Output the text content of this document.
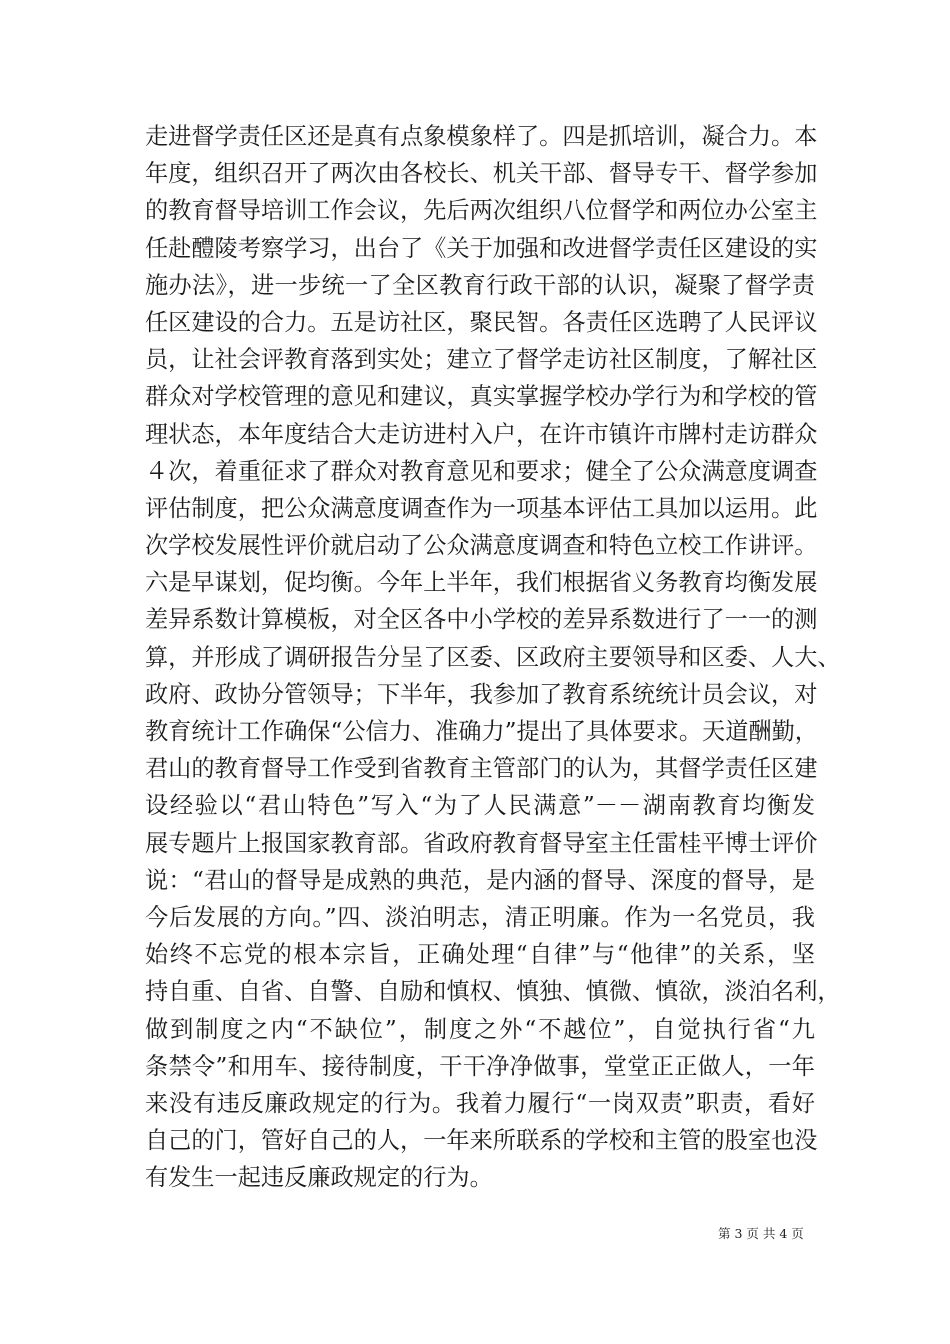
走进督学责任区还是真有点象模象样了。四是抓培训，凝合力。本
年度，组织召开了两次由各校长、机关干部、督导专干、督学参加
的教育督导培训工作会议，先后两次组织八位督学和两位办公室主
任赴醴陵考察学习，出台了《关于加强和改进督学责任区建设的实
施办法》，进一步统一了全区教育行政干部的认识，凝聚了督学责
任区建设的合力。五是访社区，聚民智。各责任区选聘了人民评议
员，让社会评教育落到实处；建立了督学走访社区制度，了解社区
群众对学校管理的意见和建议，真实掌握学校办学行为和学校的管
理状态，本年度结合大走访进村入户，在许市镇许市牌村走访群众
４次，着重征求了群众对教育意见和要求；健全了公众满意度调查
评估制度，把公众满意度调查作为一项基本评估工具加以运用。此
次学校发展性评价就启动了公众满意度调查和特色立校工作讲评。
六是早谋划，促均衡。今年上半年，我们根据省义务教育均衡发展
差异系数计算模板，对全区各中小学校的差异系数进行了一一的测
算，并形成了调研报告分呈了区委、区政府主要领导和区委、人大、
政府、政协分管领导；下半年，我参加了教育系统统计员会议，对
教育统计工作确保“公信力、准确力”提出了具体要求。天道酬勤，
君山的教育督导工作受到省教育主管部门的认为，其督学责任区建
设经验以“君山特色”写入“为了人民满意”－－湖南教育均衡发
展专题片上报国家教育部。省政府教育督导室主任雷桂平博士评价
说：“君山的督导是成熟的典范，是内涵的督导、深度的督导，是
今后发展的方向。”四、淡泊明志，清正明廉。作为一名党员，我
始终不忘党的根本宗旨，正确处理“自律”与“他律”的关系，坚
持自重、自省、自警、自励和慎权、慎独、慎微、慎欲，淡泊名利，
做到制度之内“不缺位”，制度之外“不越位”，自觉执行省“九
条禁令”和用车、接待制度，干干净净做事，堂堂正正做人，一年
来没有违反廉政规定的行为。我着力履行“一岗双责”职责，看好
自己的门，管好自己的人，一年来所联系的学校和主管的股室也没
有发生一起违反廉政规定的行为。
第 3 页 共 4 页
